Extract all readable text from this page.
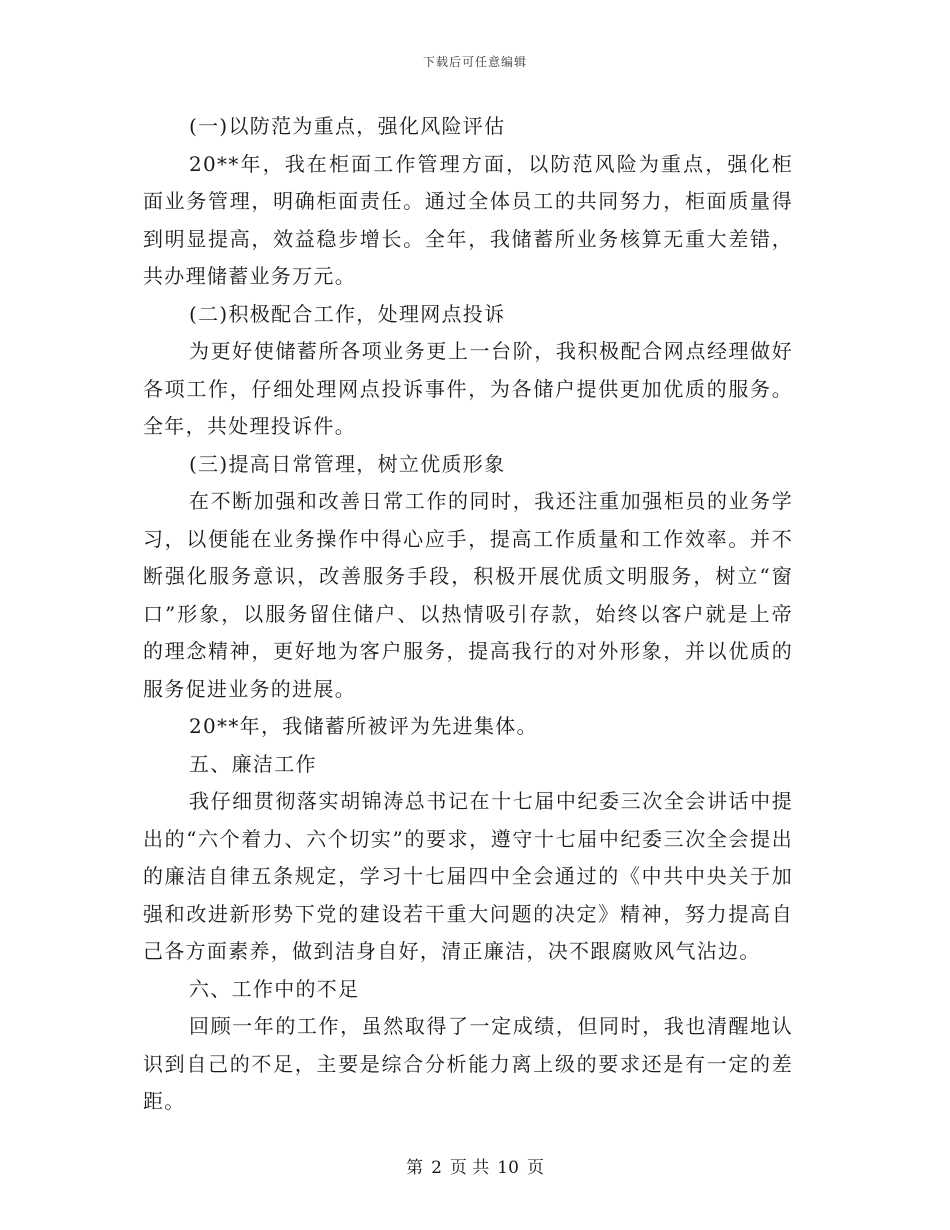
下载后可任意编辑

(一)以防范为重点，强化风险评估

20**年，我在柜面工作管理方面，以防范风险为重点，强化柜面业务管理，明确柜面责任。通过全体员工的共同努力，柜面质量得到明显提高，效益稳步增长。全年，我储蓄所业务核算无重大差错，共办理储蓄业务万元。

(二)积极配合工作，处理网点投诉

为更好使储蓄所各项业务更上一台阶，我积极配合网点经理做好各项工作，仔细处理网点投诉事件，为各储户提供更加优质的服务。全年，共处理投诉件。

(三)提高日常管理，树立优质形象

在不断加强和改善日常工作的同时，我还注重加强柜员的业务学习，以便能在业务操作中得心应手，提高工作质量和工作效率。并不断强化服务意识，改善服务手段，积极开展优质文明服务，树立“窗口”形象，以服务留住储户、以热情吸引存款，始终以客户就是上帝的理念精神，更好地为客户服务，提高我行的对外形象，并以优质的服务促进业务的进展。

20**年，我储蓄所被评为先进集体。

五、廉洁工作

我仔细贯彻落实胡锦涛总书记在十七届中纪委三次全会讲话中提出的“六个着力、六个切实”的要求，遵守十七届中纪委三次全会提出的廉洁自律五条规定，学习十七届四中全会通过的《中共中央关于加强和改进新形势下党的建设若干重大问题的决定》精神，努力提高自己各方面素养，做到洁身自好，清正廉洁，决不跟腐败风气沾边。

六、工作中的不足

回顾一年的工作，虽然取得了一定成绩，但同时，我也清醒地认识到自己的不足，主要是综合分析能力离上级的要求还是有一定的差距。

第 2 页 共 10 页
